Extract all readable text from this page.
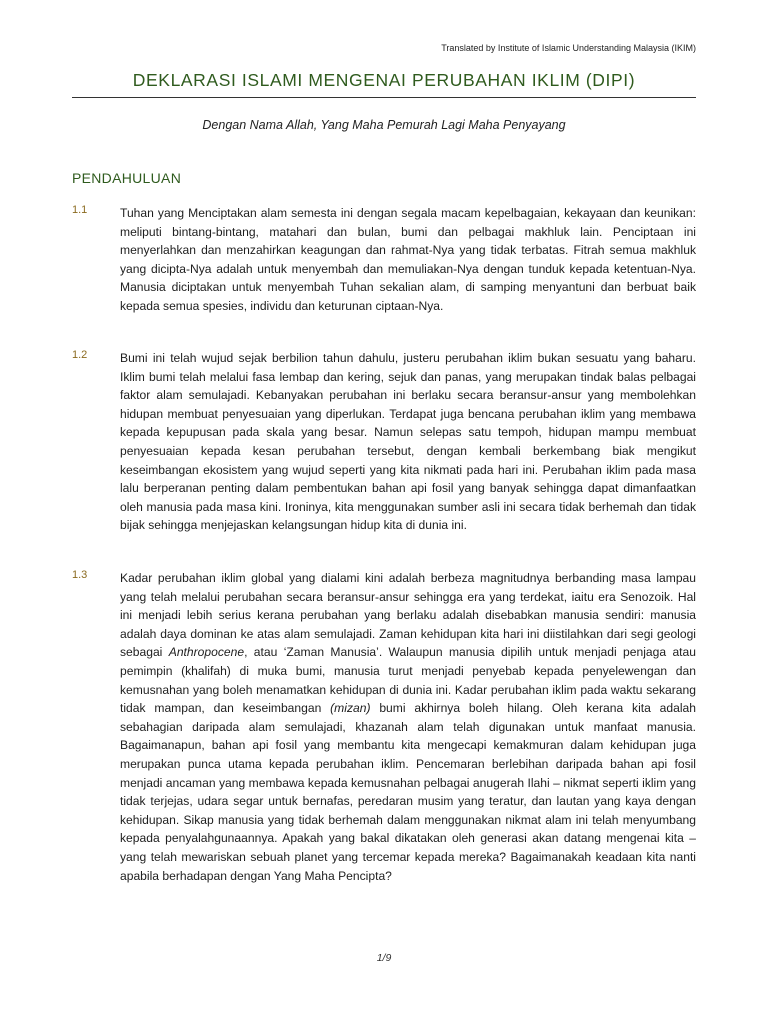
Translated by Institute of Islamic Understanding Malaysia (IKIM)
DEKLARASI ISLAMI MENGENAI PERUBAHAN IKLIM (DIPI)
Dengan Nama Allah, Yang Maha Pemurah Lagi Maha Penyayang
PENDAHULUAN
1.1	Tuhan yang Menciptakan alam semesta ini dengan segala macam kepelbagaian, kekayaan dan keunikan: meliputi bintang-bintang, matahari dan bulan, bumi dan pelbagai makhluk lain. Penciptaan ini menyerlahkan dan menzahirkan keagungan dan rahmat-Nya yang tidak terbatas. Fitrah semua makhluk yang dicipta-Nya adalah untuk menyembah dan memuliakan-Nya dengan tunduk kepada ketentuan-Nya. Manusia diciptakan untuk menyembah Tuhan sekalian alam, di samping menyantuni dan berbuat baik kepada semua spesies, individu dan keturunan ciptaan-Nya.
1.2	Bumi ini telah wujud sejak berbilion tahun dahulu, justeru perubahan iklim bukan sesuatu yang baharu. Iklim bumi telah melalui fasa lembap dan kering, sejuk dan panas, yang merupakan tindak balas pelbagai faktor alam semulajadi. Kebanyakan perubahan ini berlaku secara beransur-ansur yang membolehkan hidupan membuat penyesuaian yang diperlukan. Terdapat juga bencana perubahan iklim yang membawa kepada kepupusan pada skala yang besar. Namun selepas satu tempoh, hidupan mampu membuat penyesuaian kepada kesan perubahan tersebut, dengan kembali berkembang biak mengikut keseimbangan ekosistem yang wujud seperti yang kita nikmati pada hari ini. Perubahan iklim pada masa lalu berperanan penting dalam pembentukan bahan api fosil yang banyak sehingga dapat dimanfaatkan oleh manusia pada masa kini. Ironinya, kita menggunakan sumber asli ini secara tidak berhemah dan tidak bijak sehingga menjejaskan kelangsungan hidup kita di dunia ini.
1.3	Kadar perubahan iklim global yang dialami kini adalah berbeza magnitudnya berbanding masa lampau yang telah melalui perubahan secara beransur-ansur sehingga era yang terdekat, iaitu era Senozoik. Hal ini menjadi lebih serius kerana perubahan yang berlaku adalah disebabkan manusia sendiri: manusia adalah daya dominan ke atas alam semulajadi. Zaman kehidupan kita hari ini diistilahkan dari segi geologi sebagai Anthropocene, atau ‘Zaman Manusia’. Walaupun manusia dipilih untuk menjadi penjaga atau pemimpin (khalifah) di muka bumi, manusia turut menjadi penyebab kepada penyelewengan dan kemusnahan yang boleh menamatkan kehidupan di dunia ini. Kadar perubahan iklim pada waktu sekarang tidak mampan, dan keseimbangan (mizan) bumi akhirnya boleh hilang. Oleh kerana kita adalah sebahagian daripada alam semulajadi, khazanah alam telah digunakan untuk manfaat manusia. Bagaimanapun, bahan api fosil yang membantu kita mengecapi kemakmuran dalam kehidupan juga merupakan punca utama kepada perubahan iklim. Pencemaran berlebihan daripada bahan api fosil menjadi ancaman yang membawa kepada kemusnahan pelbagai anugerah Ilahi – nikmat seperti iklim yang tidak terjejas, udara segar untuk bernafas, peredaran musim yang teratur, dan lautan yang kaya dengan kehidupan. Sikap manusia yang tidak berhemah dalam menggunakan nikmat alam ini telah menyumbang kepada penyalahgunaannya. Apakah yang bakal dikatakan oleh generasi akan datang mengenai kita – yang telah mewariskan sebuah planet yang tercemar kepada mereka? Bagaimanakah keadaan kita nanti apabila berhadapan dengan Yang Maha Pencipta?
1/9
